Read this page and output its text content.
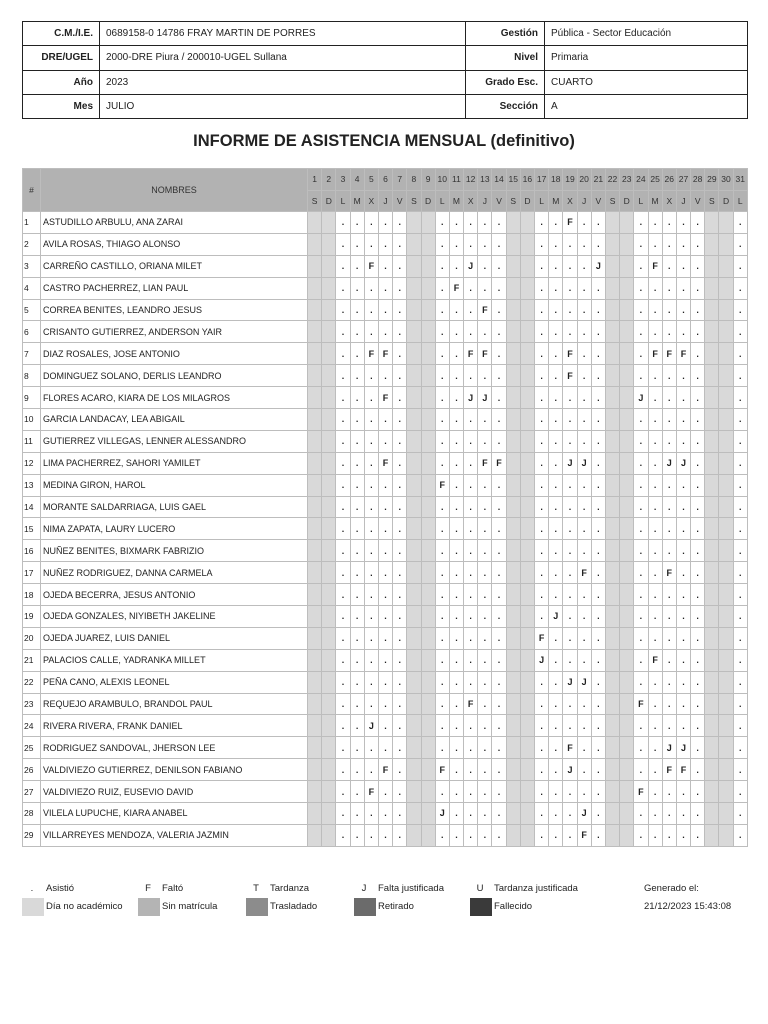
C.M./I.E.	0689158-0 14786 FRAY MARTIN DE PORRES	Gestión	Pública - Sector Educación
DRE/UGEL	2000-DRE Piura / 200010-UGEL Sullana	Nivel	Primaria
Año	2023	Grado Esc.	CUARTO
Mes	JULIO	Sección	A
INFORME DE ASISTENCIA MENSUAL (definitivo)
#	NOMBRES	1	2	3	4	5	6	7	8	9	10	11	12	13	14	15	16	17	18	19	20	21	22	23	24	25	26	27	28	29	30	31
		S	D	L	M	X	J	V	S	D	L	M	X	J	V	S	D	L	M	X	J	V	S	D	L	M	X	J	V	S	D	L
1	ASTUDILLO ARBULU, ANA ZARAI			.	.	.	.	.			.	.	.	.	.			.	.	F	.	.			.	.	.	.	.			.
2	AVILA ROSAS, THIAGO ALONSO			.	.	.	.	.			.	.	.	.	.			.	.	.	.	.			.	.	.	.	.			.
3	CARREÑO CASTILLO, ORIANA MILET			.	.	F	.	.			.	.	J	.	.			.	.	.	.	J			.	F	.	.	.			.
4	CASTRO PACHERREZ, LIAN PAUL			.	.	.	.	.			.	F	.	.	.			.	.	.	.	.			.	.	.	.	.			.
5	CORREA BENITES, LEANDRO JESUS			.	.	.	.	.			.	.	.	F	.			.	.	.	.	.			.	.	.	.	.			.
6	CRISANTO GUTIERREZ, ANDERSON YAIR			.	.	.	.	.			.	.	.	.	.			.	.	.	.	.			.	.	.	.	.			.
7	DIAZ ROSALES, JOSE ANTONIO			.	.	F	F	.			.	.	F	F	.			.	.	F	.	.			.	F	F	F	.			.
8	DOMINGUEZ SOLANO, DERLIS LEANDRO			.	.	.	.	.			.	.	.	.	.			.	.	F	.	.			.	.	.	.	.			.
9	FLORES ACARO, KIARA DE LOS MILAGROS			.	.	.	F	.			.	.	J	J	.			.	.	.	.	.			J	.	.	.	.			.
10	GARCIA LANDACAY, LEA ABIGAIL			.	.	.	.	.			.	.	.	.	.			.	.	.	.	.			.	.	.	.	.			.
11	GUTIERREZ VILLEGAS, LENNER ALESSANDRO			.	.	.	.	.			.	.	.	.	.			.	.	.	.	.			.	.	.	.	.			.
12	LIMA PACHERREZ, SAHORI YAMILET			.	.	.	F	.			.	.	.	F	F			.	.	J	J	.			.	.	J	J	.			.
13	MEDINA GIRON, HAROL			.	.	.	.	.			F	.	.	.	.			.	.	.	.	.			.	.	.	.	.			.
14	MORANTE SALDARRIAGA, LUIS GAEL			.	.	.	.	.			.	.	.	.	.			.	.	.	.	.			.	.	.	.	.			.
15	NIMA ZAPATA, LAURY LUCERO			.	.	.	.	.			.	.	.	.	.			.	.	.	.	.			.	.	.	.	.			.
16	NUÑEZ BENITES, BIXMARK FABRIZIO			.	.	.	.	.			.	.	.	.	.			.	.	.	.	.			.	.	.	.	.			.
17	NUÑEZ RODRIGUEZ, DANNA CARMELA			.	.	.	.	.			.	.	.	.	.			.	.	.	F	.			.	.	F	.	.			.
18	OJEDA BECERRA, JESUS ANTONIO			.	.	.	.	.			.	.	.	.	.			.	.	.	.	.			.	.	.	.	.			.
19	OJEDA GONZALES, NIYIBETH JAKELINE			.	.	.	.	.			.	.	.	.	.			.	J	.	.	.			.	.	.	.	.			.
20	OJEDA JUAREZ, LUIS DANIEL			.	.	.	.	.			.	.	.	.	.			F	.	.	.	.			.	.	.	.	.			.
21	PALACIOS CALLE, YADRANKA MILLET			.	.	.	.	.			.	.	.	.	.			J	.	.	.	.			.	F	.	.	.			.
22	PEÑA CANO, ALEXIS LEONEL			.	.	.	.	.			.	.	.	.	.			.	.	J	J	.			.	.	.	.	.			.
23	REQUEJO ARAMBULO, BRANDOL PAUL			.	.	.	.	.			.	.	F	.	.			.	.	.	.	.			F	.	.	.	.			.
24	RIVERA RIVERA, FRANK DANIEL			.	.	J	.	.			.	.	.	.	.			.	.	.	.	.			.	.	.	.	.			.
25	RODRIGUEZ SANDOVAL, JHERSON LEE			.	.	.	.	.			.	.	.	.	.			.	.	F	.	.			.	.	J	J	.			.
26	VALDIVIEZO GUTIERREZ, DENILSON FABIANO			.	.	.	F	.			F	.	.	.	.			.	.	J	.	.			.	.	F	F	.			.
27	VALDIVIEZO RUIZ, EUSEVIO DAVID			.	.	F	.	.			.	.	.	.	.			.	.	.	.	.			F	.	.	.	.			.
28	VILELA LUPUCHE, KIARA ANABEL			.	.	.	.	.			J	.	.	.	.			.	.	.	J	.			.	.	.	.	.			.
29	VILLARREYES MENDOZA, VALERIA JAZMIN			.	.	.	.	.			.	.	.	.	.			.	.	.	F	.			.	.	.	.	.			.
.	Asistió	F	Faltó	T	Tardanza	J	Falta justificada	U	Tardanza justificada	Generado el:
Día no académico	Sin matrícula	Trasladado	Retirado	Fallecido	21/12/2023 15:43:08
